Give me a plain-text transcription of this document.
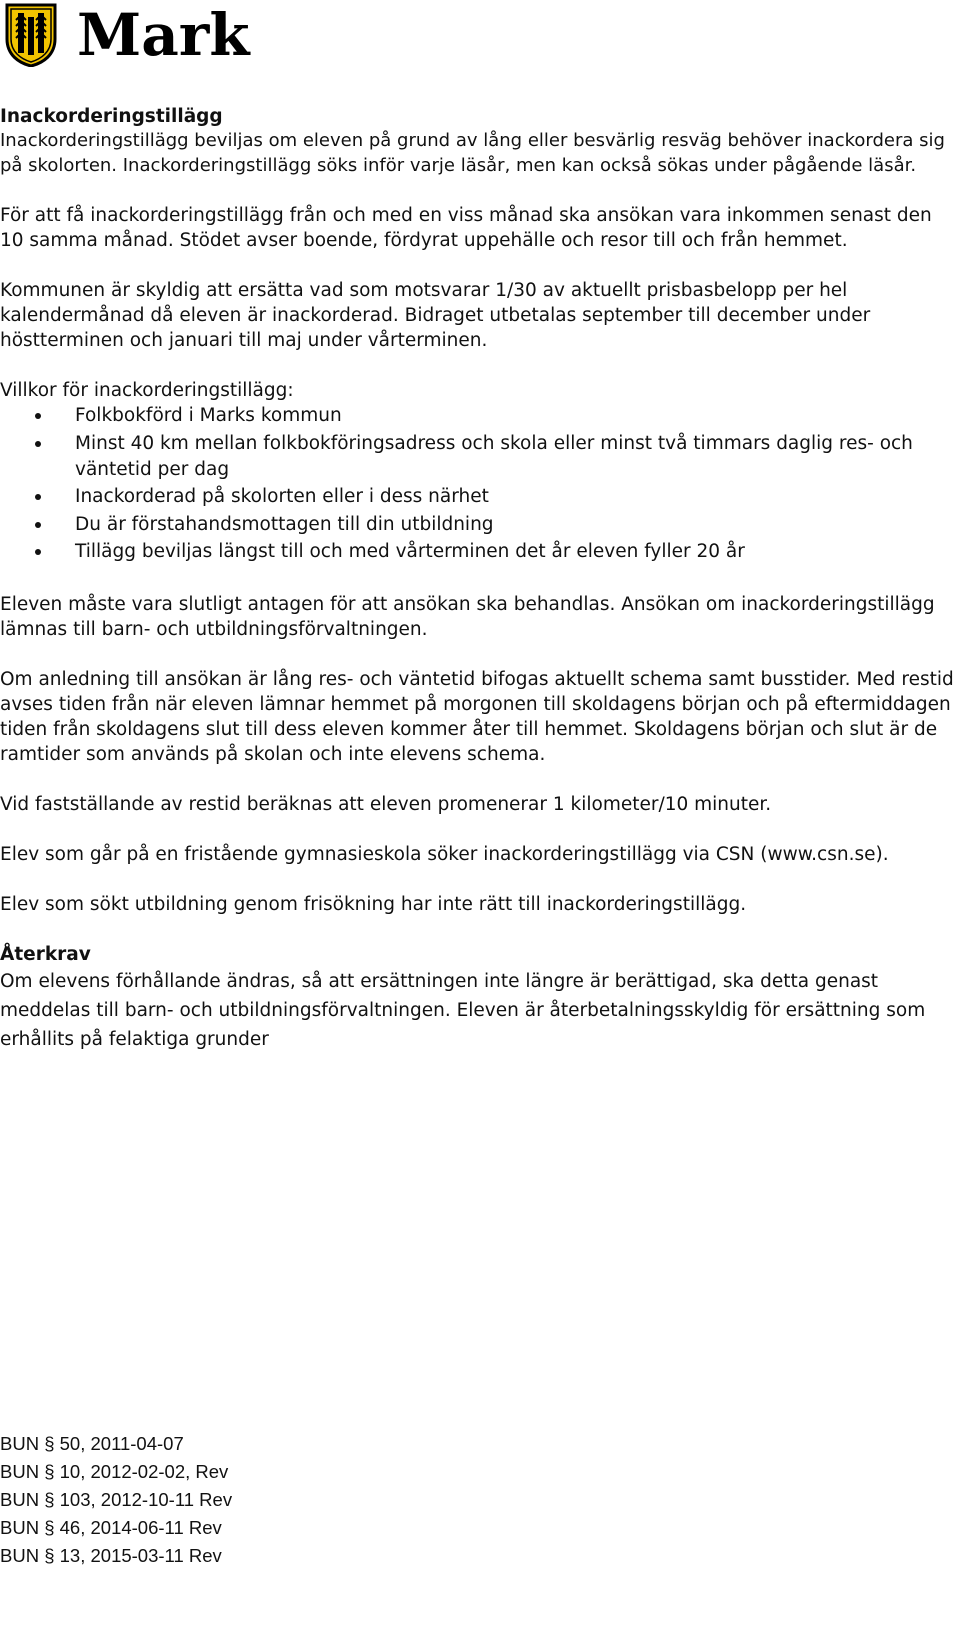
Mark
Inackorderingstillägg

Inackorderingstillägg beviljas om eleven på grund av lång eller besvärlig resväg behöver inackordera sig på skolorten. Inackorderingstillägg söks inför varje läsår, men kan också sökas under pågående läsår.

För att få inackorderingstillägg från och med en viss månad ska ansökan vara inkommen senast den 10 samma månad. Stödet avser boende, fördyrat uppehälle och resor till och från hemmet.

Kommunen är skyldig att ersätta vad som motsvarar 1/30 av aktuellt prisbasbelopp per hel kalendermånad då eleven är inackorderad. Bidraget utbetalas september till december under höstterminen och januari till maj under vårterminen.

Villkor för inackorderingstillägg:

Folkbokförd i Marks kommun
Minst 40 km mellan folkbokföringsadress och skola eller minst två timmars daglig res- och väntetid per dag
Inackorderad på skolorten eller i dess närhet
Du är förstahandsmottagen till din utbildning
Tillägg beviljas längst till och med vårterminen det år eleven fyller 20 år

Eleven måste vara slutligt antagen för att ansökan ska behandlas. Ansökan om inackorderingstillägg lämnas till barn- och utbildningsförvaltningen.

Om anledning till ansökan är lång res- och väntetid bifogas aktuellt schema samt busstider. Med restid avses tiden från när eleven lämnar hemmet på morgonen till skoldagens början och på eftermiddagen tiden från skoldagens slut till dess eleven kommer åter till hemmet. Skoldagens början och slut är de ramtider som används på skolan och inte elevens schema.

Vid fastställande av restid beräknas att eleven promenerar 1 kilometer/10 minuter.

Elev som går på en fristående gymnasieskola söker inackorderingstillägg via CSN (www.csn.se).

Elev som sökt utbildning genom frisökning har inte rätt till inackorderingstillägg.

Återkrav

Om elevens förhållande ändras, så att ersättningen inte längre är berättigad, ska detta genast meddelas till barn- och utbildningsförvaltningen. Eleven är återbetalningsskyldig för ersättning som erhållits på felaktiga grunder

BUN § 50, 2011-04-07
BUN § 10, 2012-02-02, Rev
BUN § 103, 2012-10-11 Rev
BUN § 46, 2014-06-11 Rev
BUN § 13, 2015-03-11 Rev
